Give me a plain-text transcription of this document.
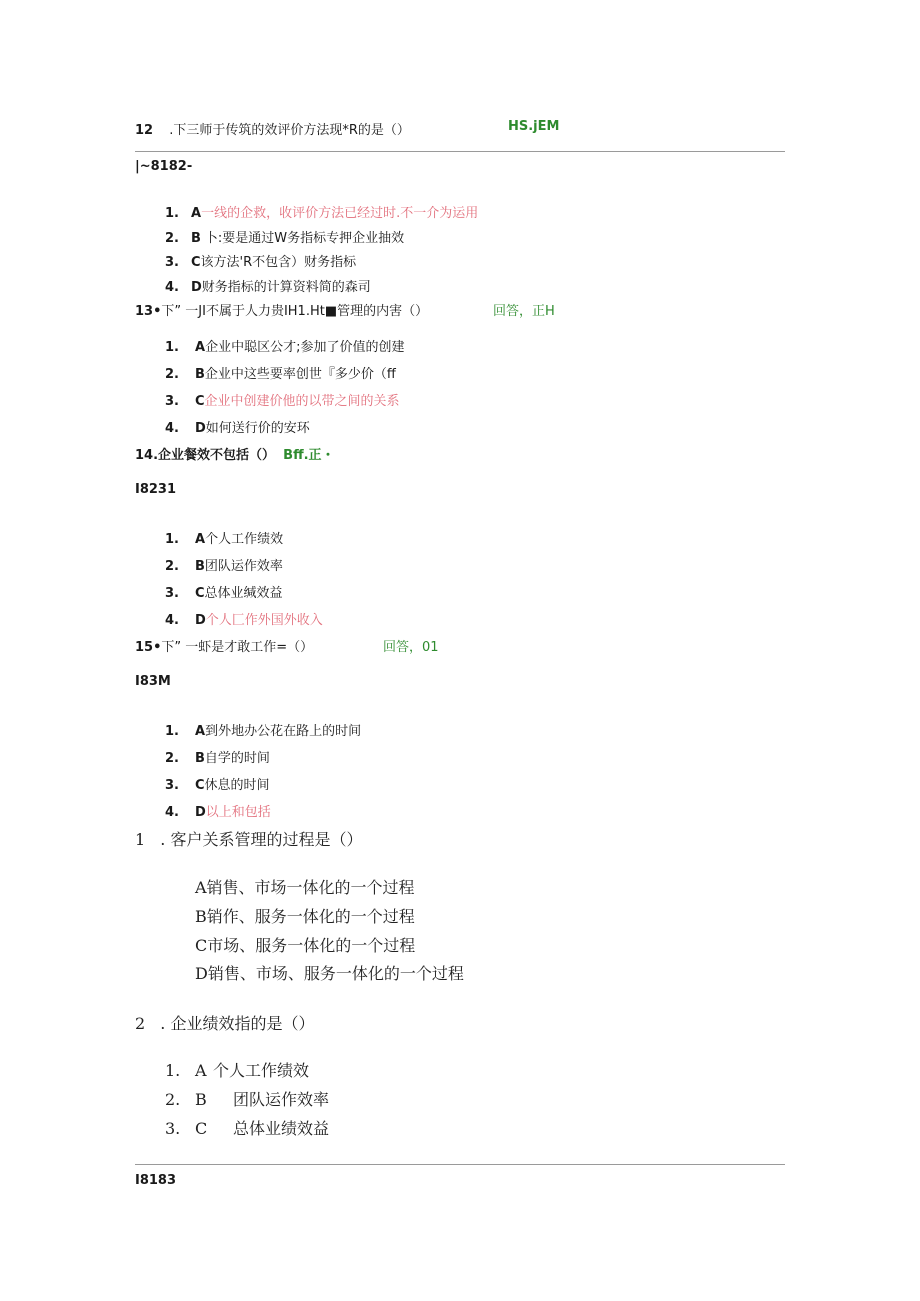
12 .下三师于传筑的效评价方法现*R的是（）	HS.jEM
|~8182-
1. A一线的企救，收评价方法已经过时.不一介为运用
2. B 卜:要是通过W务指标专押企业抽效
3. C该方法'R不包含）财务指标
4. D财务指标的计算资料简的森司
13•下” 一JI不属于人力贵IH1.Ht■管理的内害（）	回答，正H
1. A企业中聪区公才;参加了价值的创建
2. B企业中这些要率创世『多少价（ff
3. C企业中创建价他的以带之间的关系
4. D如何送行价的安环
14.企业餐效不包括（） Bff.正・
I8231
1. A个人工作绩效
2. B团队运作效率
3. C总体业缄效益
4. D个人匚作外国外收入
15•下” 一虾是才敢工作=（）	回答，01
I83M
1. A到外地办公花在路上的时间
2. B自学的时间
3. C休息的时间
4. D以上和包括
1 . 客户关系管理的过程是（）
A销售、市场一体化的一个过程
B销作、服务一体化的一个过程
C市场、服务一体化的一个过程
D销售、市场、服务一体化的一个过程
2 . 企业绩效指的是（）
1. A 个人工作绩效
2. B 团队运作效率
3. C 总体业绩效益
I8183
